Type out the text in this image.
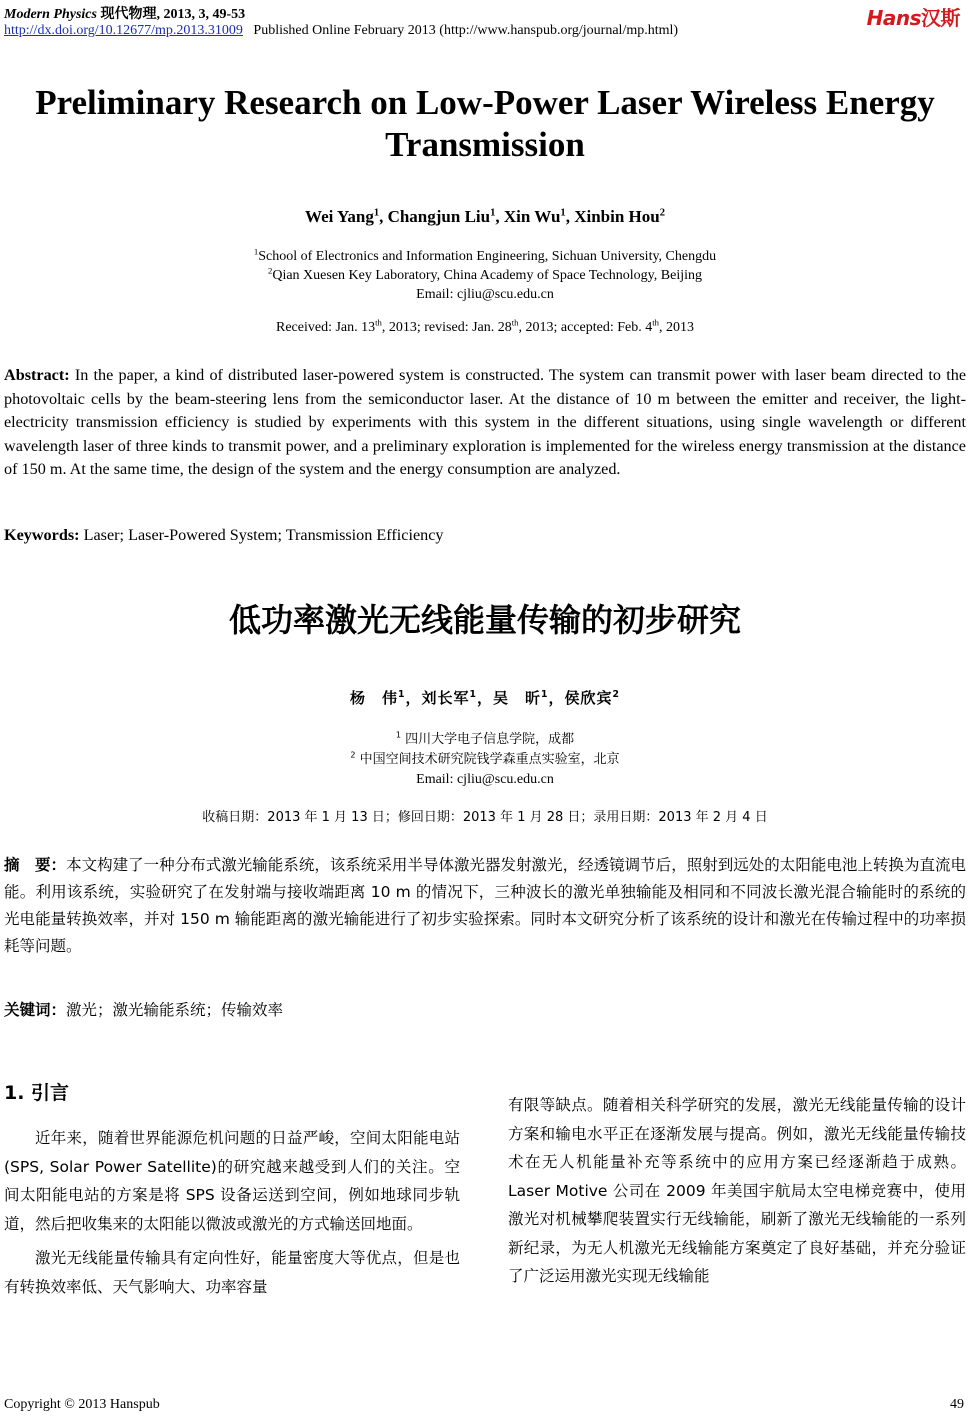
Modern Physics 现代物理, 2013, 3, 49-53
http://dx.doi.org/10.12677/mp.2013.31009 Published Online February 2013 (http://www.hanspub.org/journal/mp.html)
Hans汉斯
Preliminary Research on Low-Power Laser Wireless Energy Transmission
Wei Yang$^1$, Changjun Liu$^1$, Xin Wu$^1$, Xinbin Hou$^2$
$^1$School of Electronics and Information Engineering, Sichuan University, Chengdu
$^2$Qian Xuesen Key Laboratory, China Academy of Space Technology, Beijing
Email: cjliu@scu.edu.cn
Received: Jan. 13th, 2013; revised: Jan. 28th, 2013; accepted: Feb. 4th, 2013
Abstract: In the paper, a kind of distributed laser-powered system is constructed. The system can transmit power with laser beam directed to the photovoltaic cells by the beam-steering lens from the semiconductor laser. At the distance of 10 m between the emitter and receiver, the light-electricity transmission efficiency is studied by experiments with this system in the different situations, using single wavelength or different wavelength laser of three kinds to transmit power, and a preliminary exploration is implemented for the wireless energy transmission at the distance of 150 m. At the same time, the design of the system and the energy consumption are analyzed.
Keywords: Laser; Laser-Powered System; Transmission Efficiency
低功率激光无线能量传输的初步研究
杨　伟$^1$，刘长军$^1$，吴　昕$^1$，侯欣宾$^2$
$^1$ 四川大学电子信息学院，成都
$^2$ 中国空间技术研究院钱学森重点实验室，北京
Email: cjliu@scu.edu.cn
收稿日期：2013 年 1 月 13 日；修回日期：2013 年 1 月 28 日；录用日期：2013 年 2 月 4 日
摘　要：本文构建了一种分布式激光输能系统，该系统采用半导体激光器发射激光，经透镜调节后，照射到远处的太阳能电池上转换为直流电能。利用该系统，实验研究了在发射端与接收端距离 10 m 的情况下，三种波长的激光单独输能及相同和不同波长激光混合输能时的系统的光电能量转换效率，并对 150 m 输能距离的激光输能进行了初步实验探索。同时本文研究分析了该系统的设计和激光在传输过程中的功率损耗等问题。
关键词：激光；激光输能系统；传输效率
1. 引言

近年来，随着世界能源危机问题的日益严峻，空间太阳能电站(SPS, Solar Power Satellite)的研究越来越受到人们的关注。空间太阳能电站的方案是将 SPS 设备运送到空间，例如地球同步轨道，然后把收集来的太阳能以微波或激光的方式输送回地面。

激光无线能量传输具有定向性好，能量密度大等优点，但是也有转换效率低、天气影响大、功率容量

有限等缺点。随着相关科学研究的发展，激光无线能量传输的设计方案和输电水平正在逐渐发展与提高。例如，激光无线能量传输技术在无人机能量补充等系统中的应用方案已经逐渐趋于成熟。Laser Motive 公司在 2009 年美国宇航局太空电梯竞赛中，使用激光对机械攀爬装置实行无线输能，刷新了激光无线输能的一系列新纪录，为无人机激光无线输能方案奠定了良好基础，并充分验证了广泛运用激光实现无线输能

Copyright © 2013 Hanspub	49
